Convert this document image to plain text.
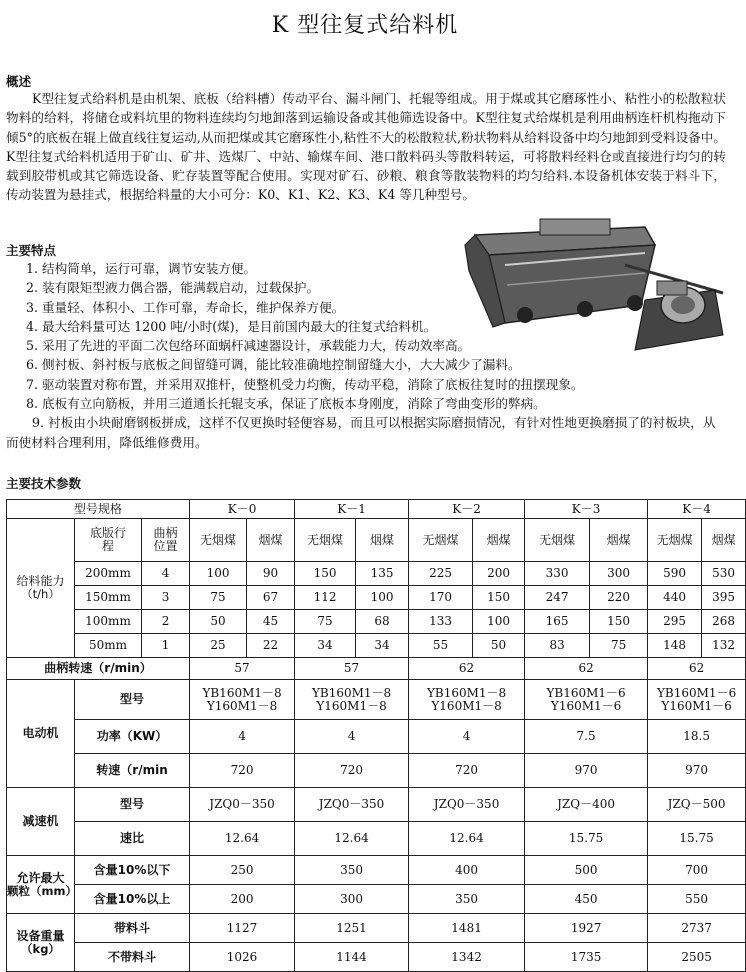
K 型往复式给料机
概述

K型往复式给料机是由机架、底板（给料槽）传动平台、漏斗闸门、托辊等组成。用于煤或其它磨琢性小、粘性小的松散粒状物料的给料，将储仓或料坑里的物料连续均匀地卸落到运输设备或其他筛选设备中。K型往复式给煤机是利用曲柄连杆机构拖动下倾5°的底板在辊上做直线往复运动,从而把煤或其它磨琢性小,粘性不大的松散粒状,粉状物料从给料设备中均匀地卸到受料设备中。K型往复式给料机适用于矿山、矿井、选煤厂、中站、输煤车间、港口散料码头等散料转运，可将散料经料仓或直接进行均匀的转载到胶带机或其它筛选设备、贮存装置等配合使用。实现对矿石、砂粮、粮食等散装物料的均匀给料.本设备机体安装于料斗下，传动装置为悬挂式，根据给料量的大小可分：K0、K1、K2、K3、K4 等几种型号。

主要特点
1. 结构简单，运行可靠，调节安装方便。
2. 装有限矩型液力偶合器，能满载启动，过载保护。
3. 重量轻、体积小、工作可靠，寿命长，维护保养方便。
4. 最大给料量可达 1200 吨/小时(煤)，是目前国内最大的往复式给料机。
5. 采用了先进的平面二次包络环面蜗杆减速器设计，承载能力大，传动效率高。
6. 侧衬板、斜衬板与底板之间留缝可调，能比较准确地控制留缝大小，大大减少了漏料。
7. 驱动装置对称布置，并采用双推杆，使整机受力均衡，传动平稳，消除了底板往复时的扭摆现象。
8. 底板有立向筋板，并用三道通长托辊支承，保证了底板本身刚度，消除了弯曲变形的弊病。
9. 衬板由小块耐磨钢板拼成，这样不仅更换时轻便容易，而且可以根据实际磨损情况，有针对性地更换磨损了的衬板块，从而使材料合理利用，降低维修费用。
主要技术参数
型号规格			K－0		K－1		K－2		K－3		K－4	

给料能力
（t/h）	底版行程	曲柄位置	无烟煤	烟煤	无烟煤	烟煤	无烟煤	烟煤	无烟煤	烟煤	无烟煤	烟煤
	200mm	4	100	90	150	135	225	200	330	300	590	530
	150mm	3	75	67	112	100	170	150	247	220	440	395
	100mm	2	50	45	75	68	133	100	165	150	295	268
	50mm	1	25	22	34	34	55	50	83	75	148	132
曲柄转速（r/min）			57		57		62		62		62	
电动机	型号		YB160M1－8
Y160M1－8		YB160M1－8
Y160M1－8		YB160M1－8
Y160M1－8		YB160M1－6
Y160M1－6		YB160M1－6
Y160M1－6	

	功率（KW）		4		4		4		7.5		18.5	
	转速（r/min		720		720		720		970		970	
减速机	型号		JZQ0－350		JZQ0－350		JZQ0－350		JZQ－400		JZQ－500	
	速比		12.64		12.64		12.64		15.75		15.75	

允许最大
颗粒（mm）	含量10%以下		250		350		400		500		700	
	含量10%以上		200		300		350		450		550	

设备重量
（kg）	带料斗		1127		1251		1481		1927		2737	
	不带料斗		1026		1144		1342		1735		2505	
